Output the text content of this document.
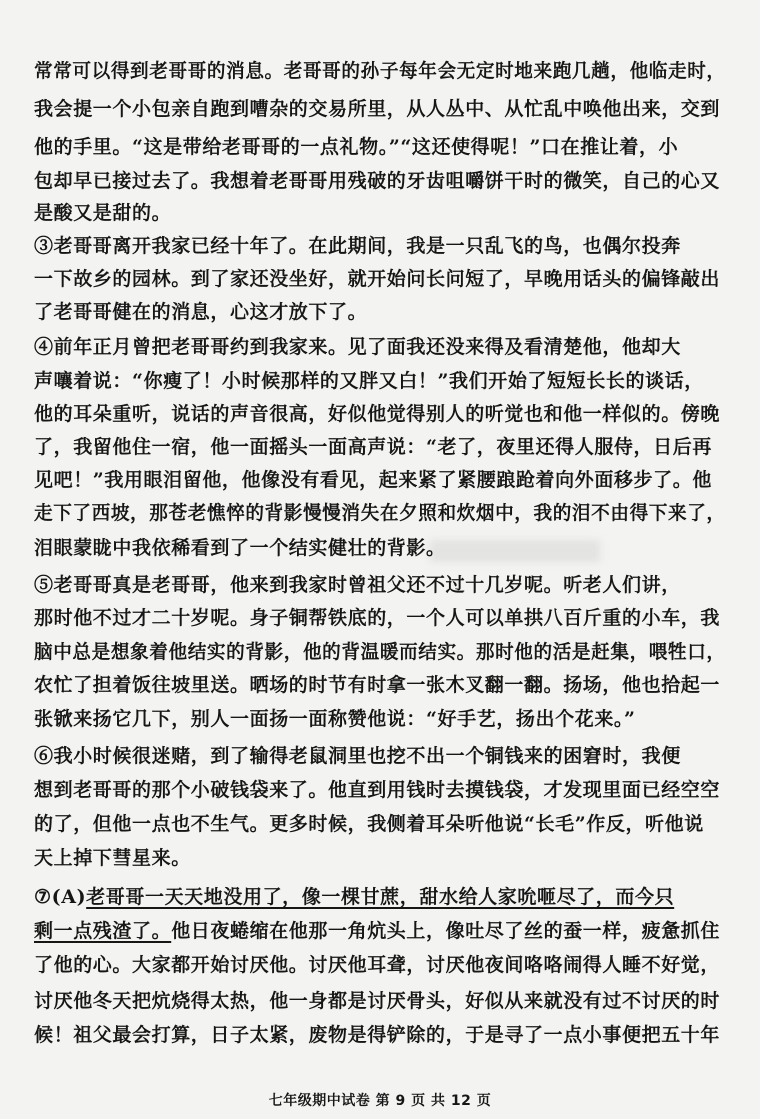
常常可以得到老哥哥的消息。老哥哥的孙子每年会无定时地来跑几趟，他临走时，
我会提一个小包亲自跑到嘈杂的交易所里，从人丛中、从忙乱中唤他出来，交到
他的手里。“这是带给老哥哥的一点礼物。”“这还使得呢！”口在推让着，小
包却早已接过去了。我想着老哥哥用残破的牙齿咀嚼饼干时的微笑，自己的心又
是酸又是甜的。
③老哥哥离开我家已经十年了。在此期间，我是一只乱飞的鸟，也偶尔投奔
一下故乡的园林。到了家还没坐好，就开始问长问短了，早晚用话头的偏锋敲出
了老哥哥健在的消息，心这才放下了。
④前年正月曾把老哥哥约到我家来。见了面我还没来得及看清楚他，他却大
声嚷着说：“你瘦了！小时候那样的又胖又白！”我们开始了短短长长的谈话，
他的耳朵重听，说话的声音很高，好似他觉得别人的听觉也和他一样似的。傍晚
了，我留他住一宿，他一面摇头一面高声说：“老了，夜里还得人服侍，日后再
见吧！”我用眼泪留他，他像没有看见，起来紧了紧腰踉跄着向外面移步了。他
走下了西坡，那苍老憔悴的背影慢慢消失在夕照和炊烟中，我的泪不由得下来了，
泪眼蒙眬中我依稀看到了一个结实健壮的背影。
⑤老哥哥真是老哥哥，他来到我家时曾祖父还不过十几岁呢。听老人们讲，
那时他不过才二十岁呢。身子铜帮铁底的，一个人可以单拱八百斤重的小车，我
脑中总是想象着他结实的背影，他的背温暖而结实。那时他的活是赶集，喂牲口，
农忙了担着饭往坡里送。晒场的时节有时拿一张木叉翻一翻。扬场，他也拾起一
张锨来扬它几下，别人一面扬一面称赞他说：“好手艺，扬出个花来。”
⑥我小时候很迷赌，到了输得老鼠洞里也挖不出一个铜钱来的困窘时，我便
想到老哥哥的那个小破钱袋来了。他直到用钱时去摸钱袋，才发现里面已经空空
的了，但他一点也不生气。更多时候，我侧着耳朵听他说“长毛”作反，听他说
天上掉下彗星来。
⑦(A)老哥哥一天天地没用了，像一棵甘蔗，甜水给人家吮咂尽了，而今只
剩一点残渣了。他日夜蜷缩在他那一角炕头上，像吐尽了丝的蚕一样，疲惫抓住
了他的心。大家都开始讨厌他。讨厌他耳聋，讨厌他夜间咯咯闹得人睡不好觉，
讨厌他冬天把炕烧得太热，他一身都是讨厌骨头，好似从来就没有过不讨厌的时
候！祖父最会打算，日子太紧，废物是得铲除的，于是寻了一点小事便把五十年
七年级期中试卷 第 9 页 共 12 页
